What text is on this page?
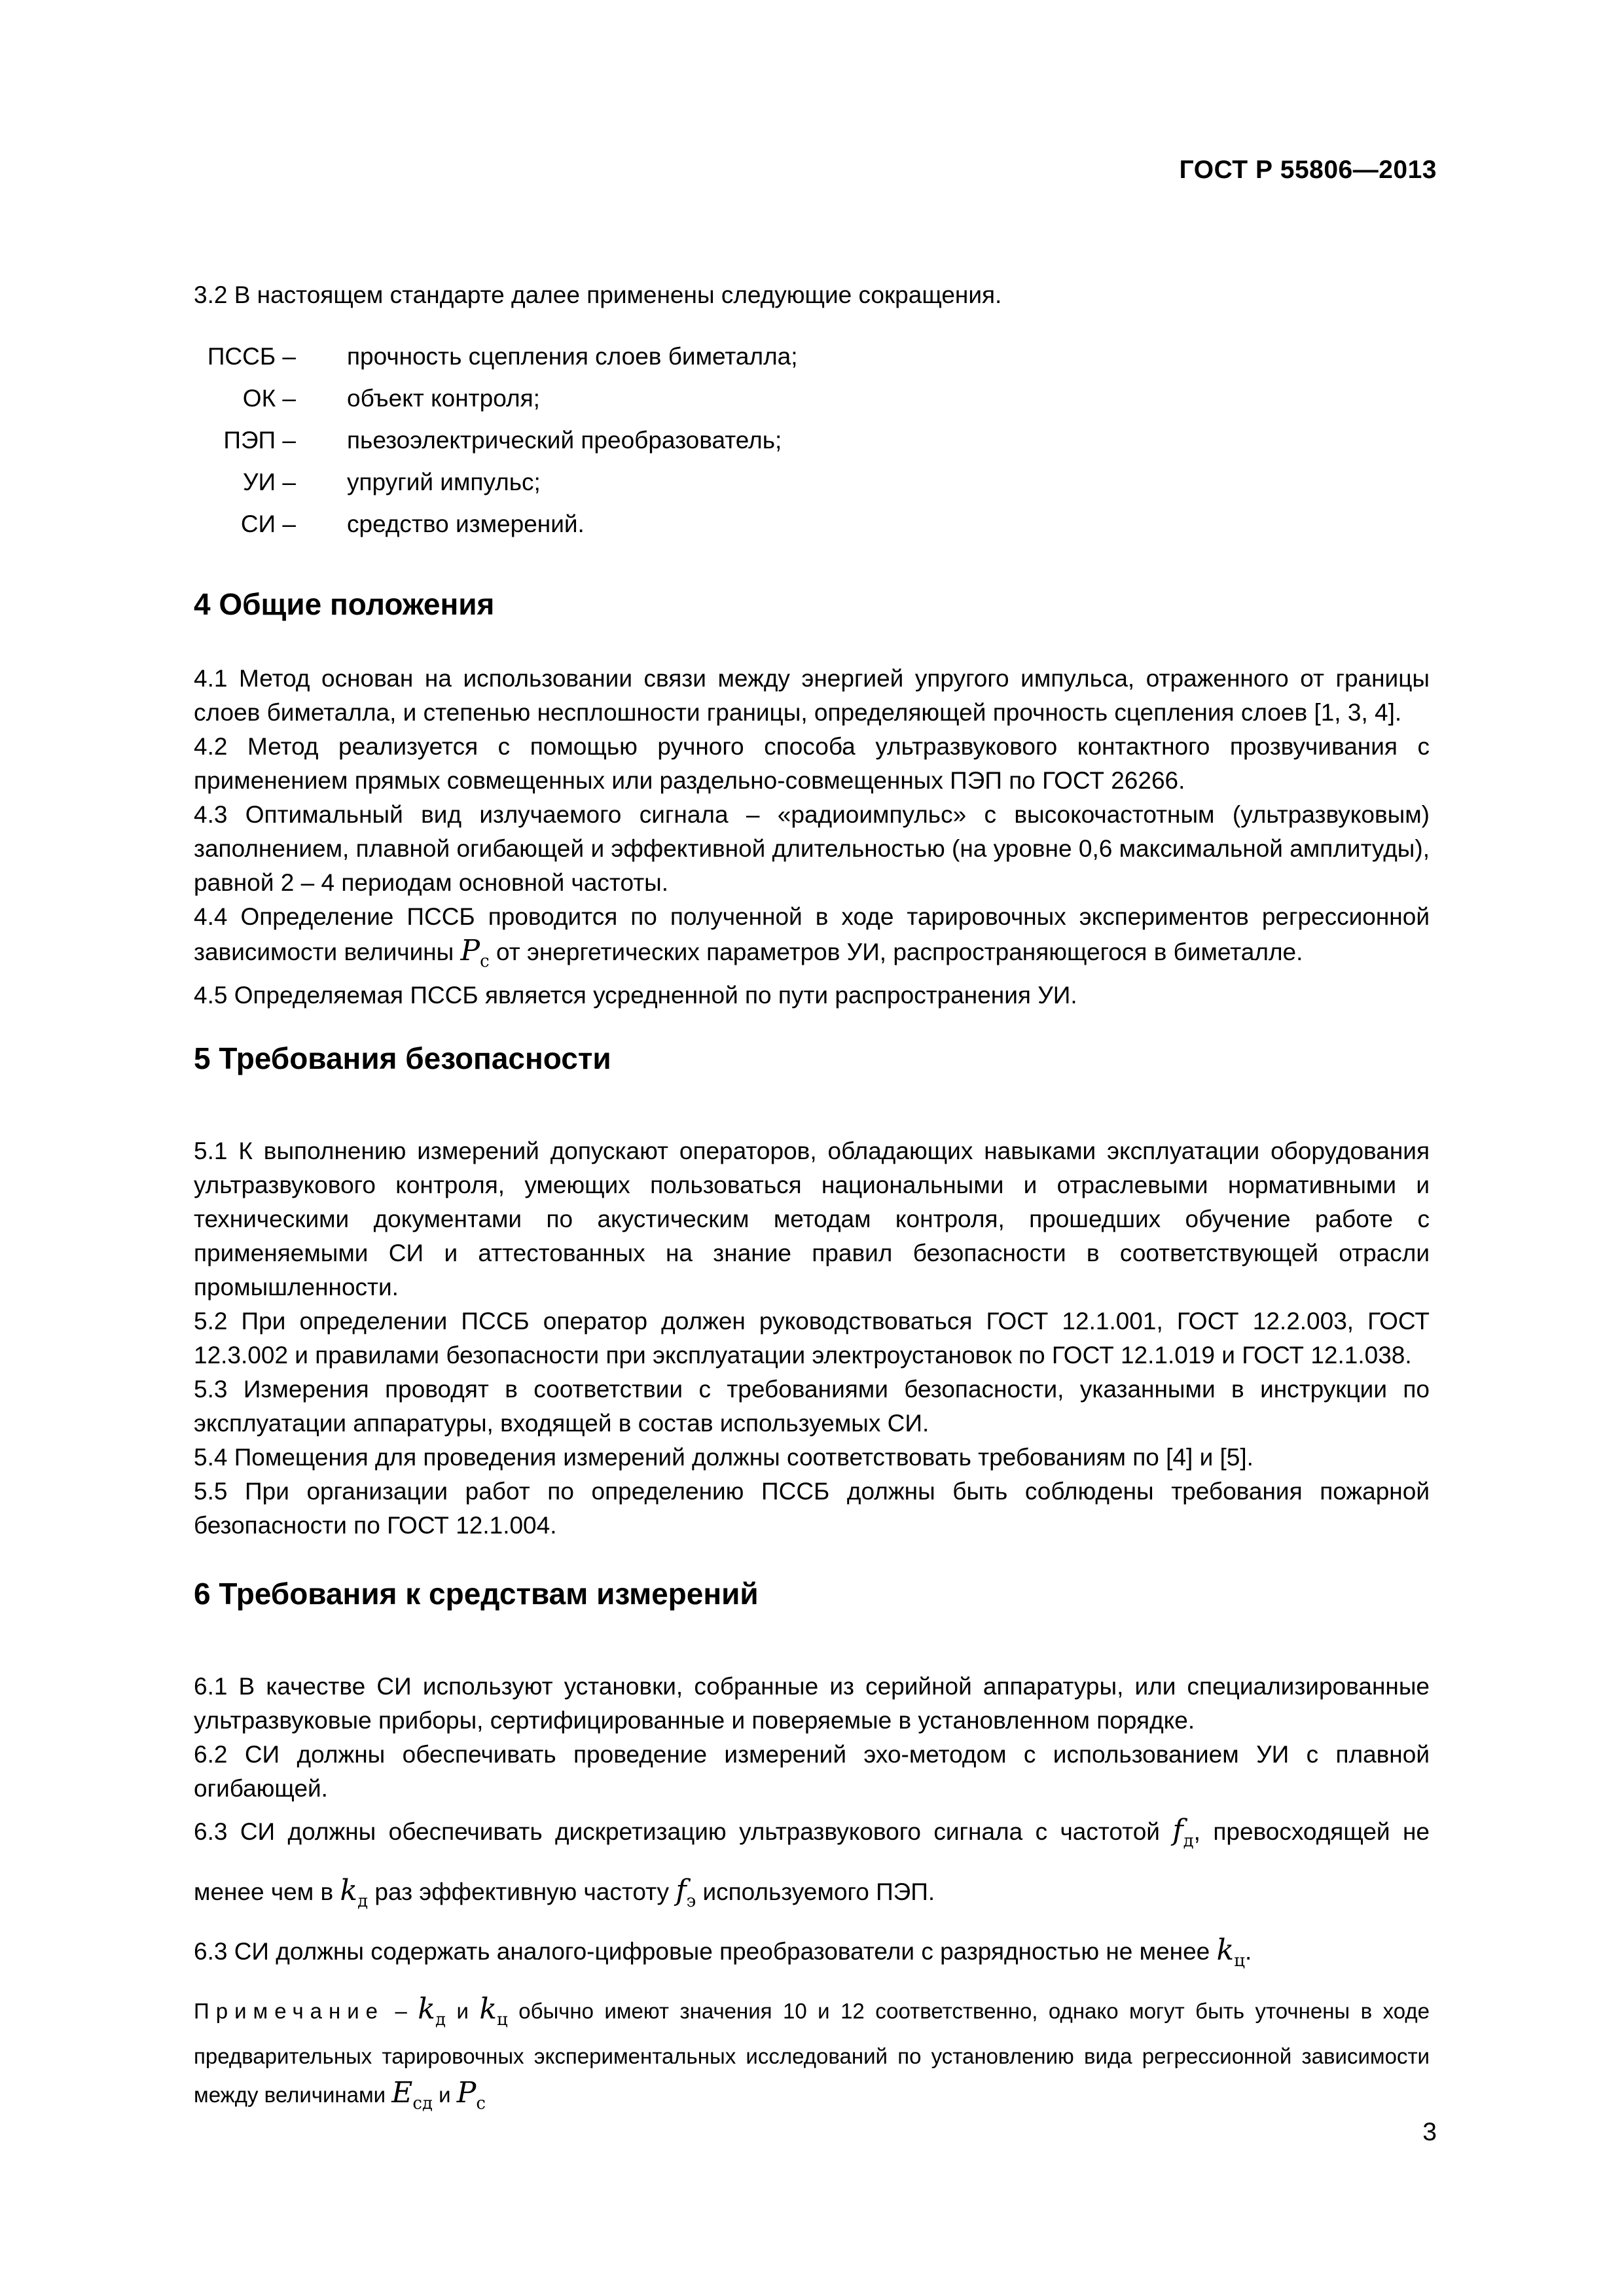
ГОСТ Р 55806—2013

3.2 В настоящем стандарте далее применены следующие сокращения.

ПССБ –	прочность сцепления слоев биметалла;
ОК –	объект контроля;
ПЭП –	пьезоэлектрический преобразователь;
УИ –	упругий импульс;
СИ –	средство измерений.
4 Общие положения

4.1 Метод основан на использовании связи между энергией упругого импульса, отраженного от границы слоев биметалла, и степенью несплошности границы, определяющей прочность сцепления слоев [1, 3, 4].

4.2 Метод реализуется с помощью ручного способа ультразвукового контактного прозвучивания с применением прямых совмещенных или раздельно-совмещенных ПЭП по ГОСТ 26266.

4.3 Оптимальный вид излучаемого сигнала – «радиоимпульс» с высокочастотным (ультразвуковым) заполнением, плавной огибающей и эффективной длительностью (на уровне 0,6 максимальной амплитуды), равной 2 – 4 периодам основной частоты.

4.4 Определение ПССБ проводится по полученной в ходе тарировочных экспериментов регрессионной зависимости величины $P_c$ от энергетических параметров УИ, распространяющегося в биметалле.

4.5 Определяемая ПССБ является усредненной по пути распространения УИ.

5 Требования безопасности

5.1 К выполнению измерений допускают операторов, обладающих навыками эксплуатации оборудования ультразвукового контроля, умеющих пользоваться национальными и отраслевыми нормативными и техническими документами по акустическим методам контроля, прошедших обучение работе с применяемыми СИ и аттестованных на знание правил безопасности в соответствующей отрасли промышленности.

5.2 При определении ПССБ оператор должен руководствоваться ГОСТ 12.1.001, ГОСТ 12.2.003, ГОСТ 12.3.002 и правилами безопасности при эксплуатации электроустановок по ГОСТ 12.1.019 и ГОСТ 12.1.038.

5.3 Измерения проводят в соответствии с требованиями безопасности, указанными в инструкции по эксплуатации аппаратуры, входящей в состав используемых СИ.

5.4 Помещения для проведения измерений должны соответствовать требованиям по [4] и [5].

5.5 При организации работ по определению ПССБ должны быть соблюдены требования пожарной безопасности по ГОСТ 12.1.004.

6 Требования к средствам измерений

6.1 В качестве СИ используют установки, собранные из серийной аппаратуры, или специализированные ультразвуковые приборы, сертифицированные и поверяемые в установленном порядке.

6.2 СИ должны обеспечивать проведение измерений эхо-методом с использованием УИ с плавной огибающей.

6.3 СИ должны обеспечивать дискретизацию ультразвукового сигнала с частотой $f_д$, превосходящей не менее чем в $k_д$ раз эффективную частоту $f_э$ используемого ПЭП.

6.3 СИ должны содержать аналого-цифровые преобразователи с разрядностью не менее $k_ц$.

Примечание – $k_д$ и $k_ц$ обычно имеют значения 10 и 12 соответственно, однако могут быть уточнены в ходе предварительных тарировочных экспериментальных исследований по установлению вида регрессионной зависимости между величинами $E_{сд}$ и $P_c$

3
